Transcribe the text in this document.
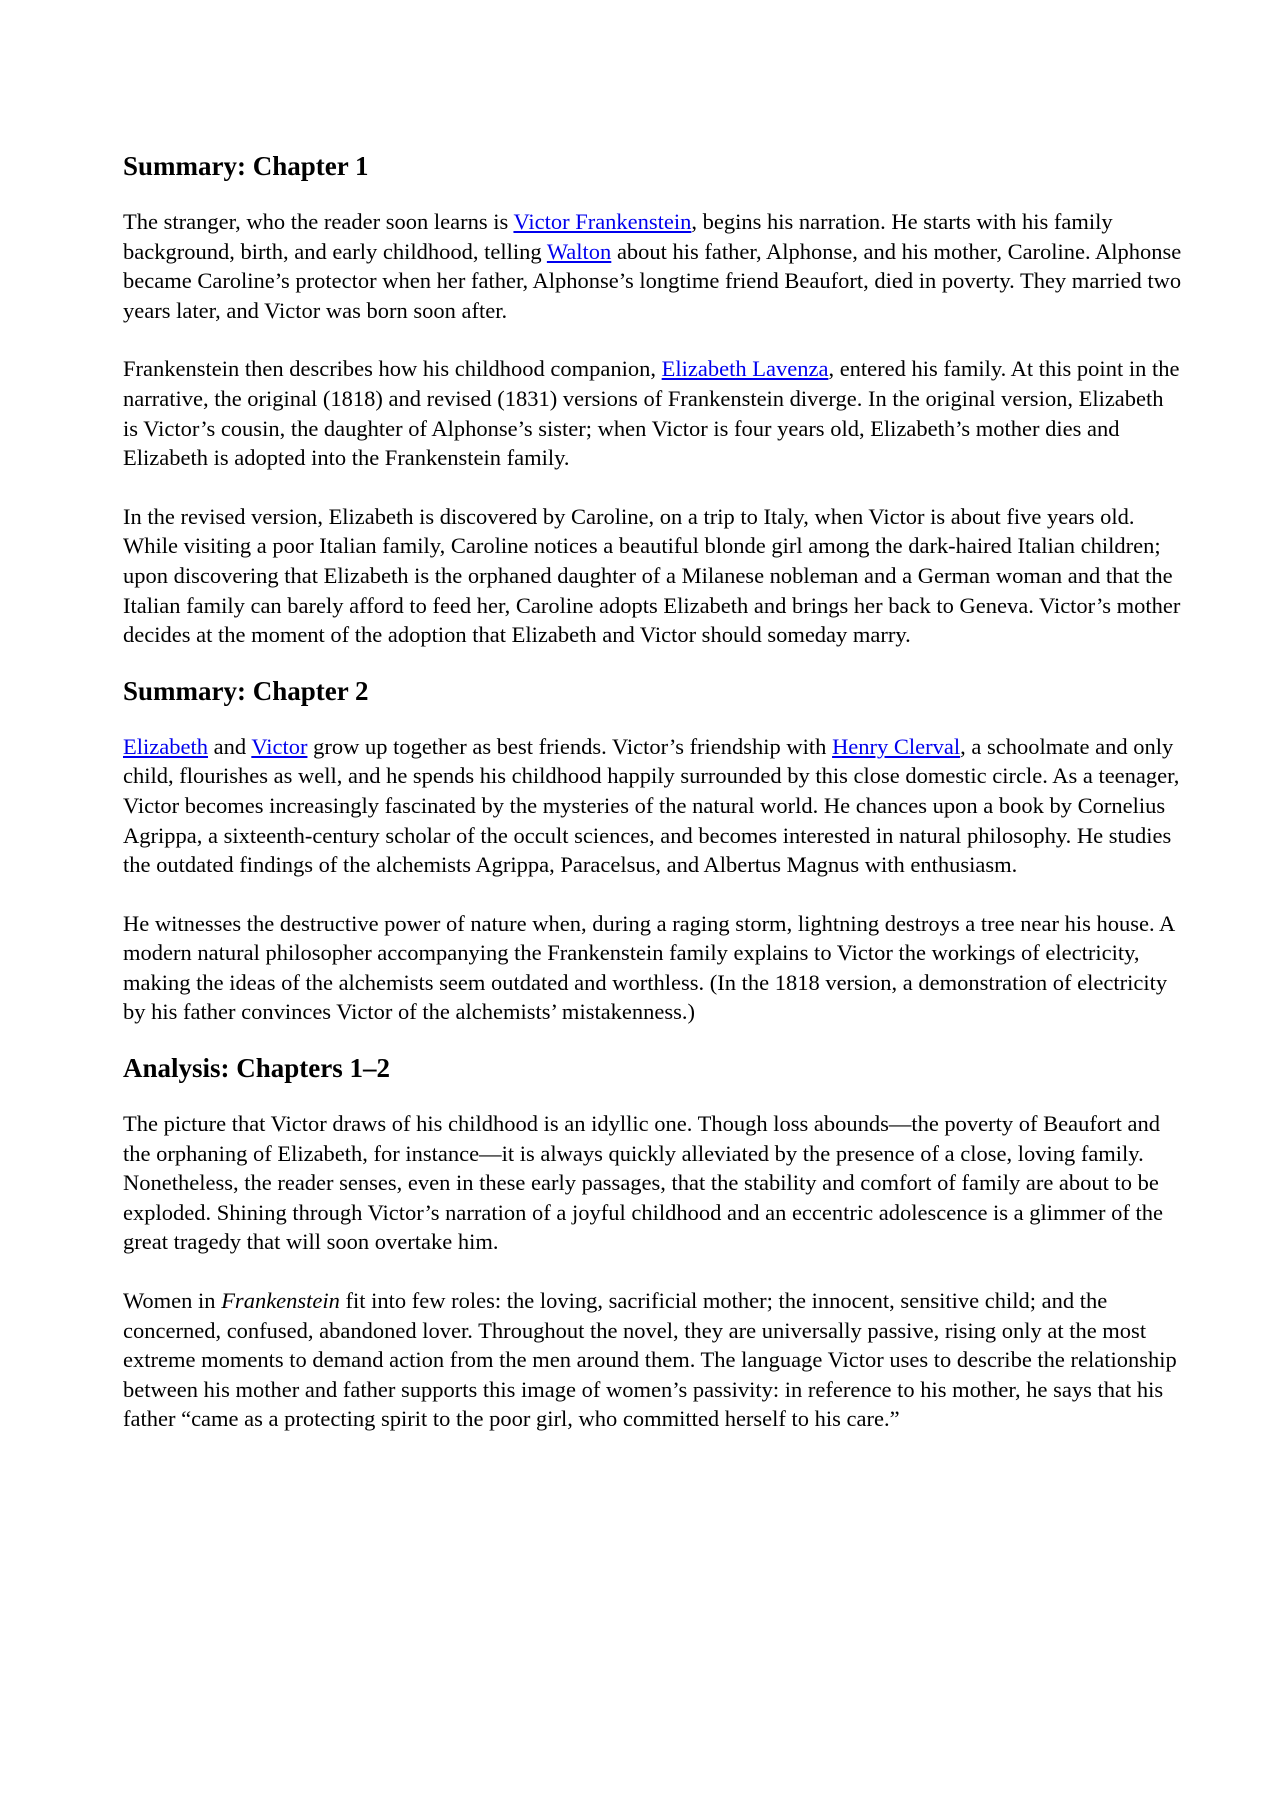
Summary: Chapter 1

The stranger, who the reader soon learns is Victor Frankenstein, begins his narration. He starts with his family background, birth, and early childhood, telling Walton about his father, Alphonse, and his mother, Caroline. Alphonse became Caroline’s protector when her father, Alphonse’s longtime friend Beaufort, died in poverty. They married two years later, and Victor was born soon after.

Frankenstein then describes how his childhood companion, Elizabeth Lavenza, entered his family. At this point in the narrative, the original (1818) and revised (1831) versions of Frankenstein diverge. In the original version, Elizabeth is Victor’s cousin, the daughter of Alphonse’s sister; when Victor is four years old, Elizabeth’s mother dies and Elizabeth is adopted into the Frankenstein family.

In the revised version, Elizabeth is discovered by Caroline, on a trip to Italy, when Victor is about five years old. While visiting a poor Italian family, Caroline notices a beautiful blonde girl among the dark-haired Italian children; upon discovering that Elizabeth is the orphaned daughter of a Milanese nobleman and a German woman and that the Italian family can barely afford to feed her, Caroline adopts Elizabeth and brings her back to Geneva. Victor’s mother decides at the moment of the adoption that Elizabeth and Victor should someday marry.

Summary: Chapter 2

Elizabeth and Victor grow up together as best friends. Victor’s friendship with Henry Clerval, a schoolmate and only child, flourishes as well, and he spends his childhood happily surrounded by this close domestic circle. As a teenager, Victor becomes increasingly fascinated by the mysteries of the natural world. He chances upon a book by Cornelius Agrippa, a sixteenth-century scholar of the occult sciences, and becomes interested in natural philosophy. He studies the outdated findings of the alchemists Agrippa, Paracelsus, and Albertus Magnus with enthusiasm.

He witnesses the destructive power of nature when, during a raging storm, lightning destroys a tree near his house. A modern natural philosopher accompanying the Frankenstein family explains to Victor the workings of electricity, making the ideas of the alchemists seem outdated and worthless. (In the 1818 version, a demonstration of electricity by his father convinces Victor of the alchemists’ mistakenness.)

Analysis: Chapters 1–2

The picture that Victor draws of his childhood is an idyllic one. Though loss abounds—the poverty of Beaufort and the orphaning of Elizabeth, for instance—it is always quickly alleviated by the presence of a close, loving family. Nonetheless, the reader senses, even in these early passages, that the stability and comfort of family are about to be exploded. Shining through Victor’s narration of a joyful childhood and an eccentric adolescence is a glimmer of the great tragedy that will soon overtake him.

Women in Frankenstein fit into few roles: the loving, sacrificial mother; the innocent, sensitive child; and the concerned, confused, abandoned lover. Throughout the novel, they are universally passive, rising only at the most extreme moments to demand action from the men around them. The language Victor uses to describe the relationship between his mother and father supports this image of women’s passivity: in reference to his mother, he says that his father “came as a protecting spirit to the poor girl, who committed herself to his care.”
